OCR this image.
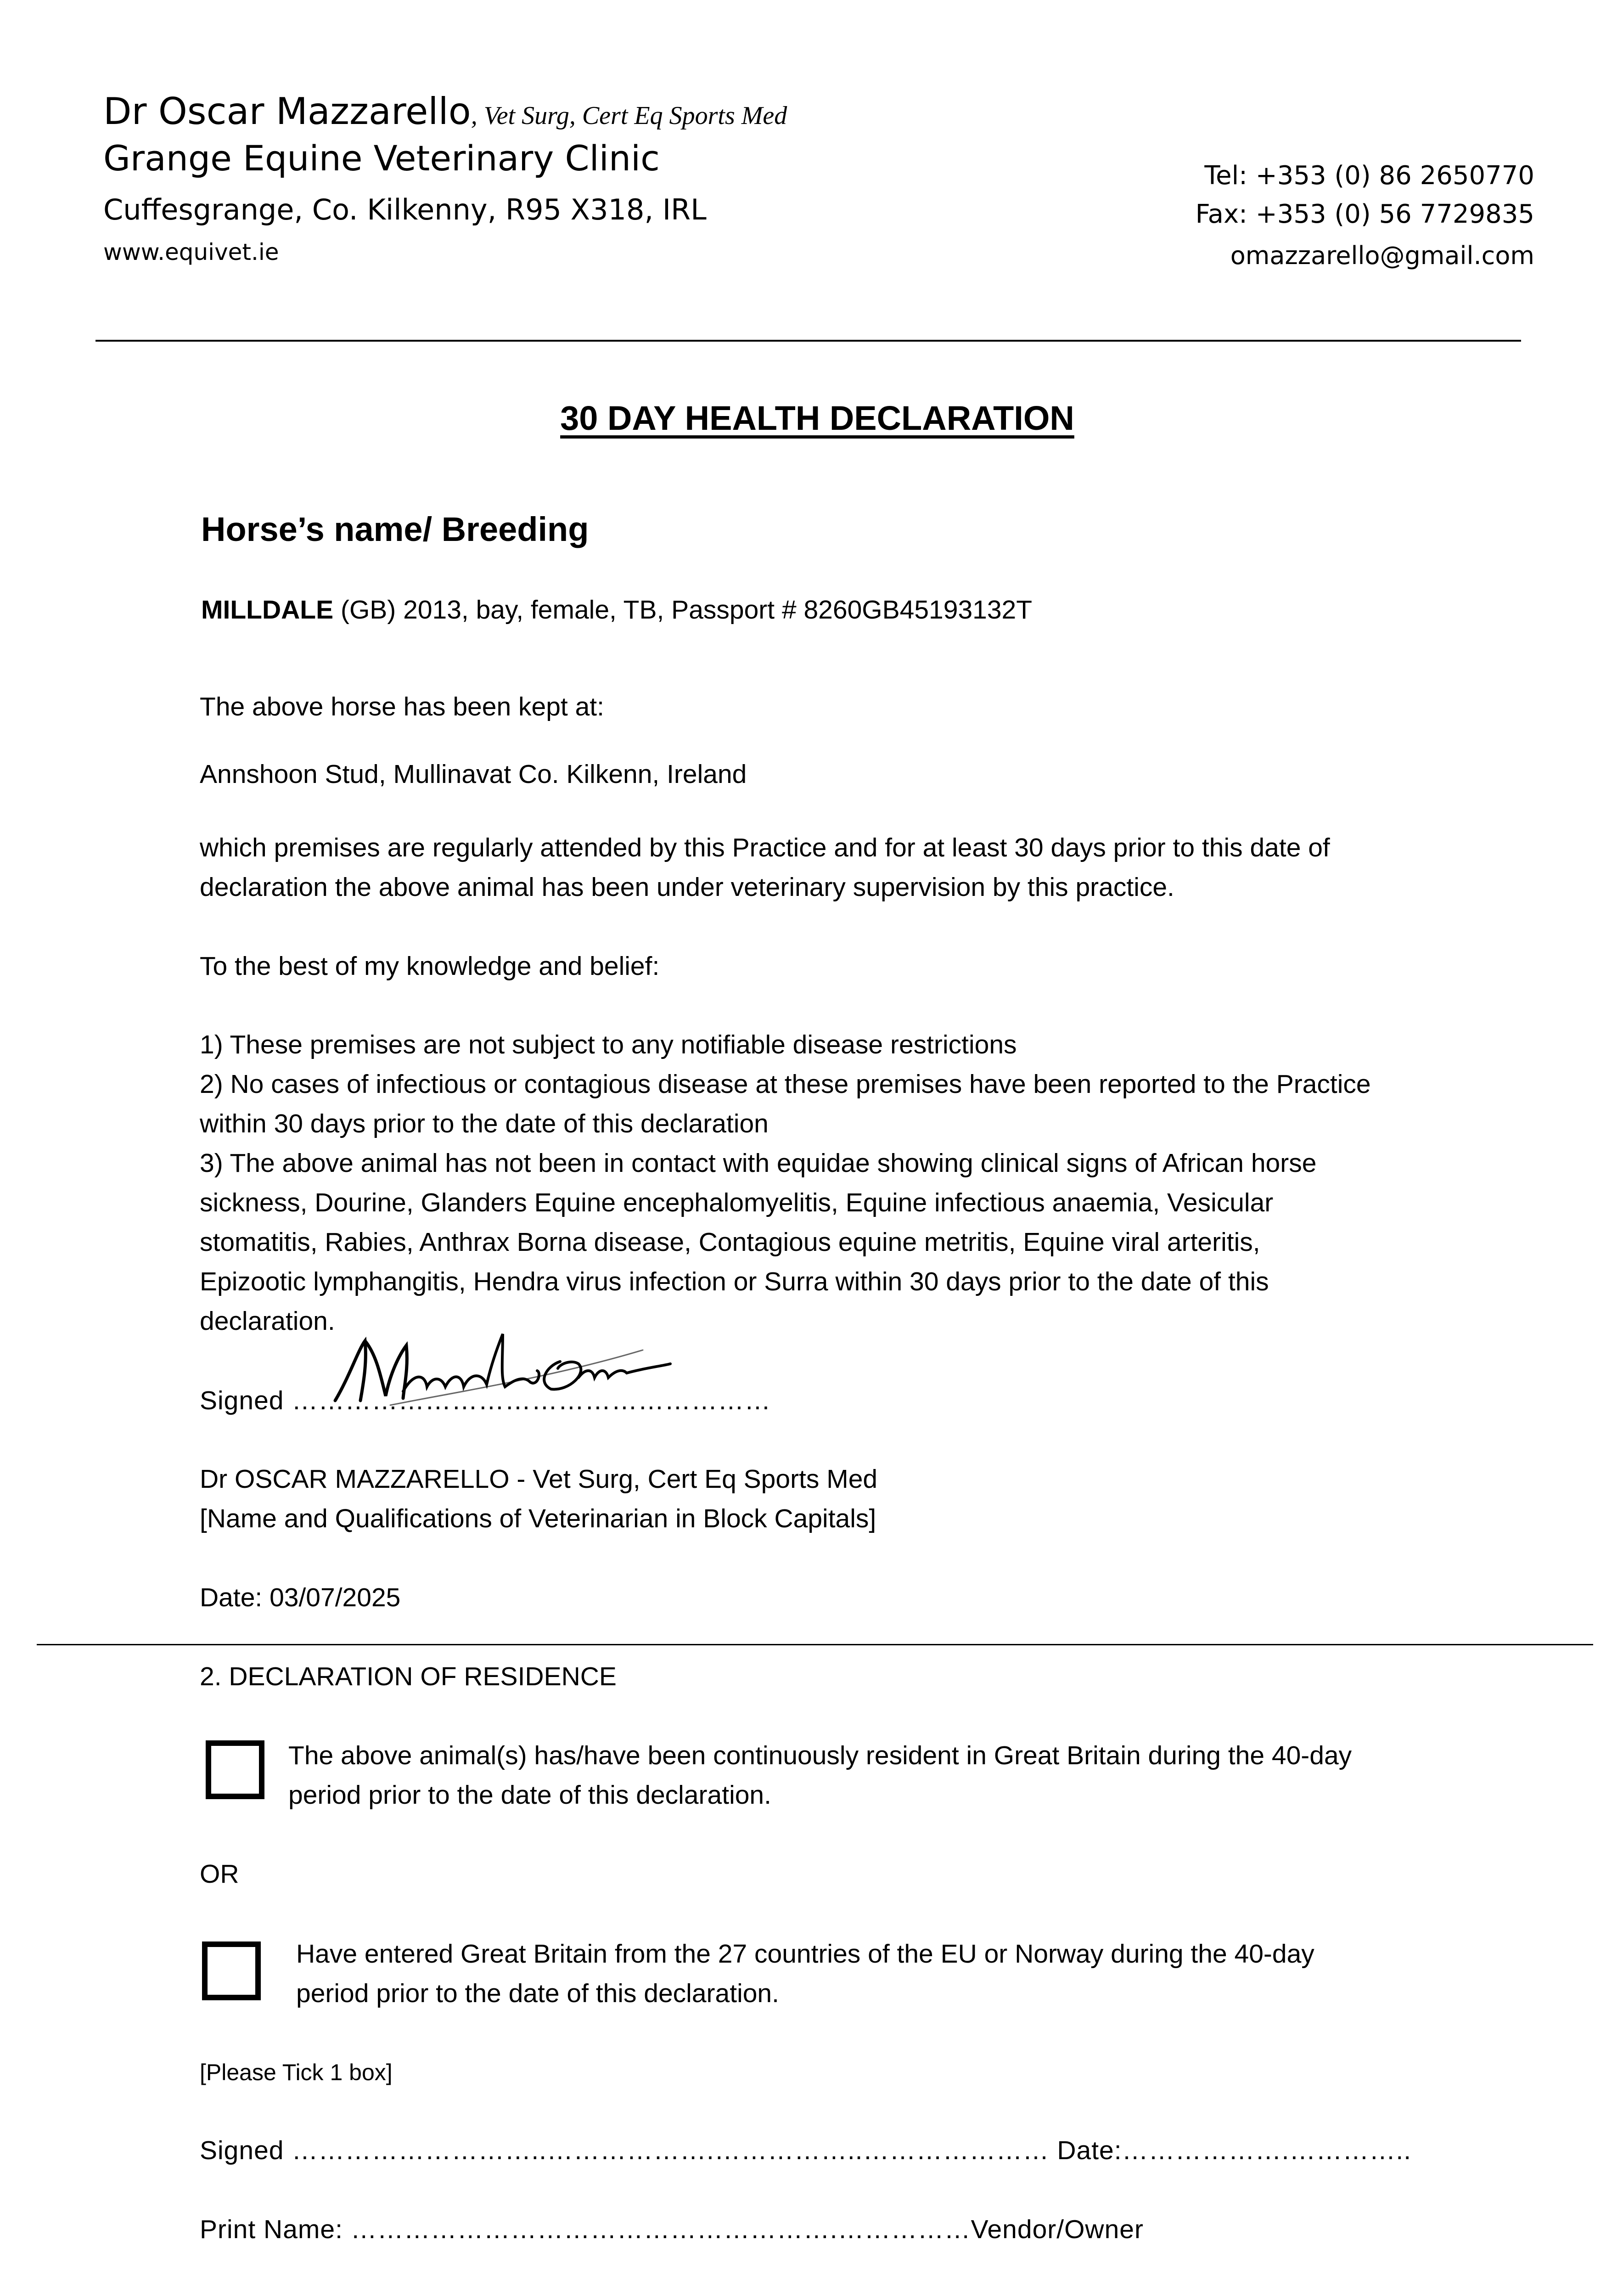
Dr Oscar Mazzarello, Vet Surg, Cert Eq Sports Med
Grange Equine Veterinary Clinic
Cuffesgrange, Co. Kilkenny, R95 X318, IRL
www.equivet.ie
Tel: +353 (0) 86 2650770
Fax: +353 (0) 56 7729835
omazzarello@gmail.com
30 DAY HEALTH DECLARATION
Horse’s name/ Breeding
MILLDALE (GB) 2013, bay, female, TB, Passport # 8260GB45193132T
The above horse has been kept at:
Annshoon Stud, Mullinavat Co. Kilkenn, Ireland
which premises are regularly attended by this Practice and for at least 30 days prior to this date of
declaration the above animal has been under veterinary supervision by this practice.
To the best of my knowledge and belief:
1) These premises are not subject to any notifiable disease restrictions
2) No cases of infectious or contagious disease at these premises have been reported to the Practice
within 30 days prior to the date of this declaration
3) The above animal has not been in contact with equidae showing clinical signs of African horse
sickness, Dourine, Glanders Equine encephalomyelitis, Equine infectious anaemia, Vesicular
stomatitis, Rabies, Anthrax Borna disease, Contagious equine metritis, Equine viral arteritis,
Epizootic lymphangitis, Hendra virus infection or Surra within 30 days prior to the date of this
declaration.
Signed ………………………………………………
Dr OSCAR MAZZARELLO - Vet Surg, Cert Eq Sports Med
[Name and Qualifications of Veterinarian in Block Capitals]
Date: 03/07/2025
2. DECLARATION OF RESIDENCE
The above animal(s) has/have been continuously resident in Great Britain during the 40-day
period prior to the date of this declaration.
OR
Have entered Great Britain from the 27 countries of the EU or Norway during the 40-day
period prior to the date of this declaration.
[Please Tick 1 box]
Signed ………………………..……………….……………..………………… Date:……………….…………..
Print Name: ……………………………………………….……………Vendor/Owner
